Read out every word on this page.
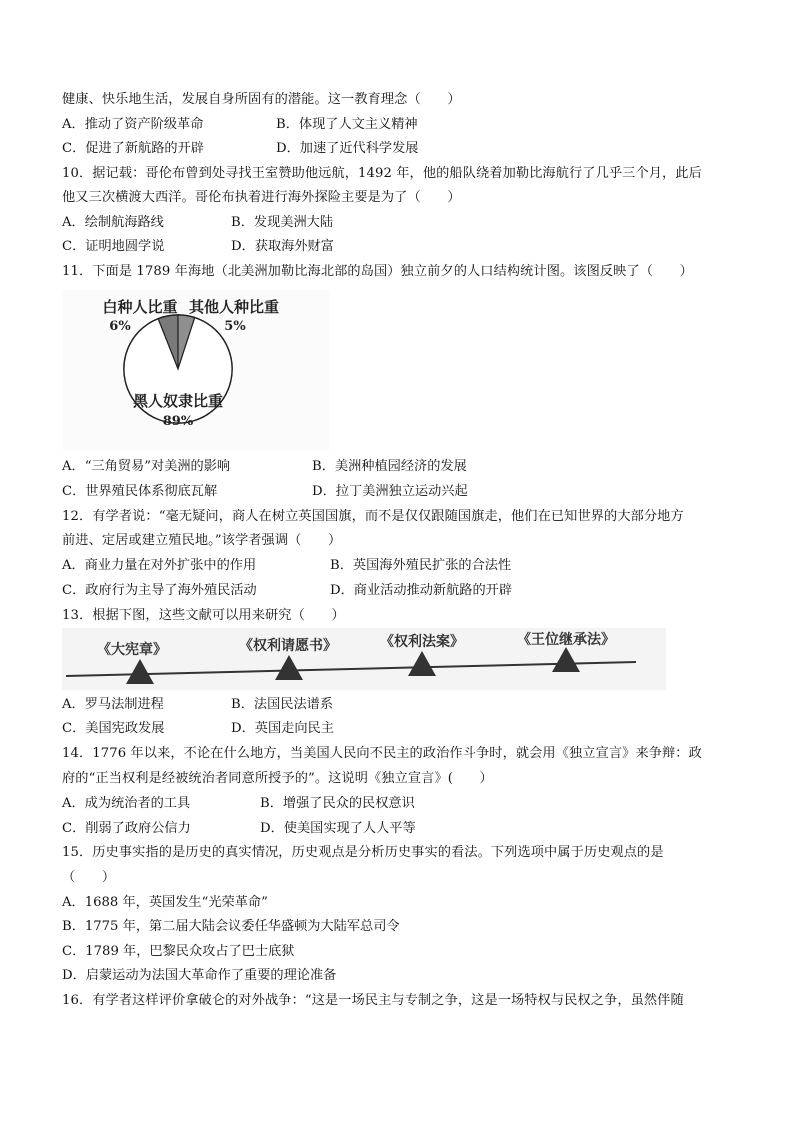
健康、快乐地生活，发展自身所固有的潜能。这一教育理念（　　）
A．推动了资产阶级革命	B．体现了人文主义精神
C．促进了新航路的开辟	D．加速了近代科学发展
10．据记载：哥伦布曾到处寻找王室赞助他远航，1492 年，他的船队绕着加勒比海航行了几乎三个月，此后
他又三次横渡大西洋。哥伦布执着进行海外探险主要是为了（　　）
A．绘制航海路线	B．发现美洲大陆
C．证明地圆学说	D．获取海外财富
11．下面是 1789 年海地（北美洲加勒比海北部的岛国）独立前夕的人口结构统计图。该图反映了（　　）
白种人比重
6%
其他人种比重
5%
黑人奴隶比重
89%
A．“三角贸易”对美洲的影响	B．美洲种植园经济的发展
C．世界殖民体系彻底瓦解	D．拉丁美洲独立运动兴起
12．有学者说：“毫无疑问，商人在树立英国国旗，而不是仅仅跟随国旗走，他们在已知世界的大部分地方
前进、定居或建立殖民地。”该学者强调（　　）
A．商业力量在对外扩张中的作用	B．英国海外殖民扩张的合法性
C．政府行为主导了海外殖民活动	D．商业活动推动新航路的开辟
13．根据下图，这些文献可以用来研究（　　）
《大宪章》	《权利请愿书》	《权利法案》	《王位继承法》
A．罗马法制进程	B．法国民法谱系
C．美国宪政发展	D．英国走向民主
14．1776 年以来，不论在什么地方，当美国人民向不民主的政治作斗争时，就会用《独立宣言》来争辩：政
府的“正当权利是经被统治者同意所授予的”。这说明《独立宣言》(　　）
A．成为统治者的工具	B．增强了民众的民权意识
C．削弱了政府公信力	D．使美国实现了人人平等
15．历史事实指的是历史的真实情况，历史观点是分析历史事实的看法。下列选项中属于历史观点的是
（　　）
A．1688 年，英国发生“光荣革命”
B．1775 年，第二届大陆会议委任华盛顿为大陆军总司令
C．1789 年，巴黎民众攻占了巴士底狱
D．启蒙运动为法国大革命作了重要的理论准备
16．有学者这样评价拿破仑的对外战争：“这是一场民主与专制之争，这是一场特权与民权之争，虽然伴随
